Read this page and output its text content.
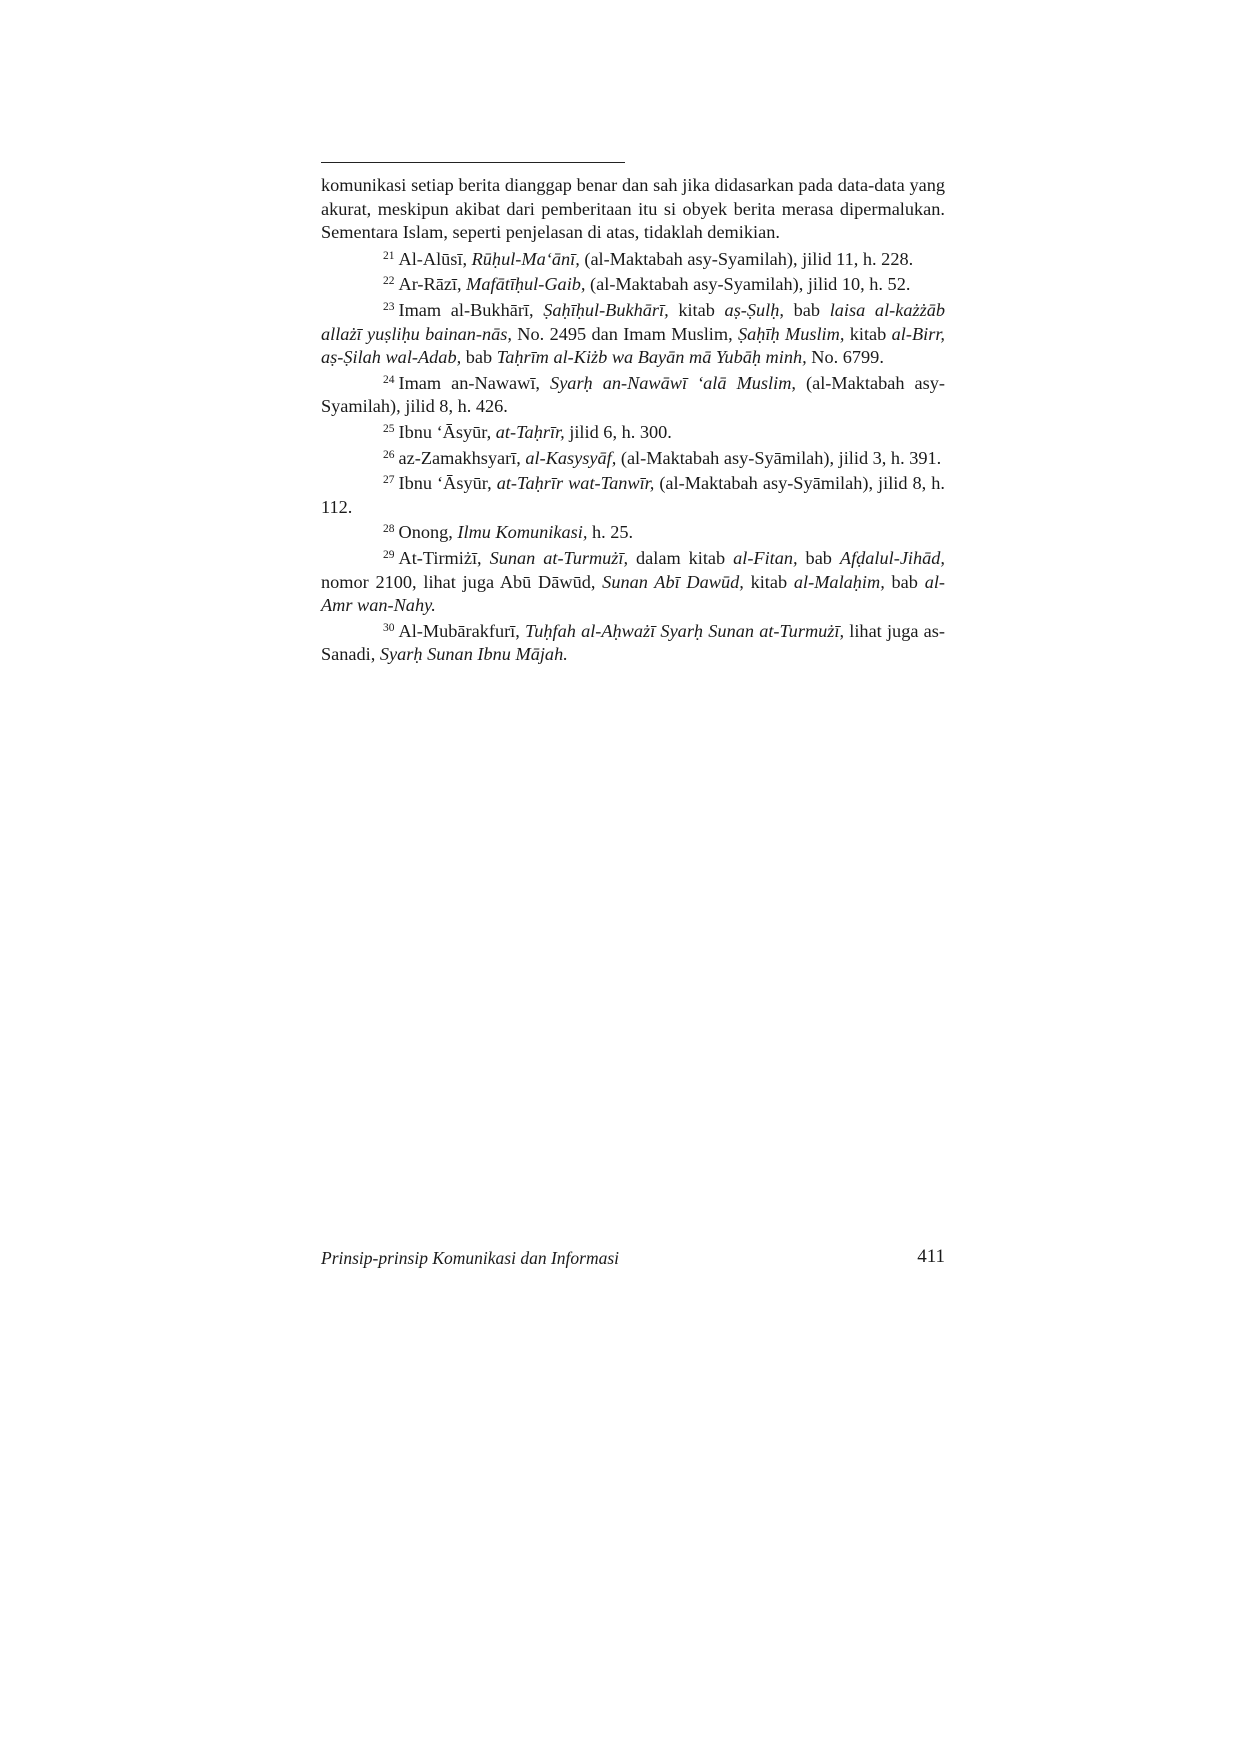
komunikasi setiap berita dianggap benar dan sah jika didasarkan pada data-data yang akurat, meskipun akibat dari pemberitaan itu si obyek berita merasa dipermalukan. Sementara Islam, seperti penjelasan di atas, tidaklah demikian.

$^{21}$ Al-Alūsī, Rūḥul-Ma‘ānī, (al-Maktabah asy-Syamilah), jilid 11, h. 228.

$^{22}$ Ar-Rāzī, Mafātīḥul-Gaib, (al-Maktabah asy-Syamilah), jilid 10, h. 52.

$^{23}$ Imam al-Bukhārī, Ṣaḥīḥul-Bukhārī, kitab aṣ-Ṣulḥ, bab laisa al-każżāb allażī yuṣliḥu bainan-nās, No. 2495 dan Imam Muslim, Ṣaḥīḥ Muslim, kitab al-Birr, aṣ-Ṣilah wal-Adab, bab Taḥrīm al-Kiżb wa Bayān mā Yubāḥ minh, No. 6799.

$^{24}$ Imam an-Nawawī, Syarḥ an-Nawāwī ‘alā Muslim, (al-Maktabah asy-Syamilah), jilid 8, h. 426.

$^{25}$ Ibnu ‘Āsyūr, at-Taḥrīr, jilid 6, h. 300.

$^{26}$ az-Zamakhsyarī, al-Kasysyāf, (al-Maktabah asy-Syāmilah), jilid 3, h. 391.

$^{27}$ Ibnu ‘Āsyūr, at-Taḥrīr wat-Tanwīr, (al-Maktabah asy-Syāmilah), jilid 8, h. 112.

$^{28}$ Onong, Ilmu Komunikasi, h. 25.

$^{29}$ At-Tirmiżī, Sunan at-Turmużī, dalam kitab al-Fitan, bab Afḍalul-Jihād, nomor 2100, lihat juga Abū Dāwūd, Sunan Abī Dawūd, kitab al-Malaḥim, bab al-Amr wan-Nahy.

$^{30}$ Al-Mubārakfurī, Tuḥfah al-Aḥważī Syarḥ Sunan at-Turmużī, lihat juga as-Sanadi, Syarḥ Sunan Ibnu Mājah.

Prinsip-prinsip Komunikasi dan Informasi	411
